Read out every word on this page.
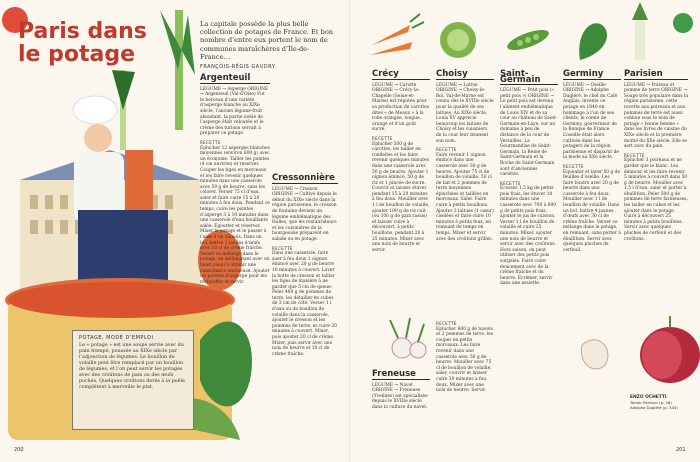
Paris dans le potage
La capitale possède la plus belle collection de potages de France. Et bon nombre d’entre eux portent le nom de communes maraîchères d’Île-de-France…
FRANÇOIS-RÉGIS GAUDRY
Argenteuil

LÉGUME → Asperge ORIGINE → Argenteuil (Val-d’Oise) Fut le berceau d’une variété d’asperge blanche au XIXe siècle, l’ancien légume-fruit abondant, la partie noble de l’asperge était veloutée et le crème des turions servait à préparer ce potage.

RECETTE

Éplucher 12 asperges blanches moyennes (environ 600 g) avec un économe. Tailler les pointes (4 cm environ) et réserver. Couper les tiges en morceaux et les faire revenir quelques minutes dans une casserole avec 50 g de beurre, sans les colorer. Verser 75 cl d’eau, saler et faire cuire 15 à 20 minutes à feu doux. Pendant ce temps, cuire les pointes d’asperge 3 à 10 minutes dans une casserole d’eau bouillante salée. Égoutter et réserver. Mixer le potage et le passer à l’aide d’un chinois. Dans un bol, battre 2 jaunes d’œufs avec 10 cl de crème fraîche. Verser ce mélange dans le potage, en mélangeant avec un fouet jusqu’à obtenir une consistance onctueuse. Ajouter les pointes d’asperge pour les réchauffer et servir.

Cressonnière

LÉGUME → Cresson ORIGINE → Cultivé depuis le début du XIXe siècle dans la région parisienne, le cresson de fontaine devient un légume emblématique des Halles, que les restaurateurs et les cuisinières de la bourgeoisie préparent en salade ou en potage.

RECETTE

Dans une casserole, faire suer à feu doux 1 oignon émincé avec 20 g de beurre 10 minutes à couvert. Laver la botte de cresson et tailler les tiges de manière à ne garder que 5 cm de queue. Peler 400 g de pommes de terre, les détailler en cubes de 3 cm de côté. Verser 1 l d’eau ou de bouillon de volaille dans la casserole, ajouter le cresson et les pommes de terre, et cuire 20 minutes à couvert. Mixer, puis ajouter 20 cl de crème. Mixer, puis servir avec une noix de beurre et 10 cl de crème fraîche.

POTAGE, MODE D’EMPLOI
Le « potage » est une soupe servie avec du pain trempé, poussée au XIXe siècle par l’adjonction de légumes. Le bouillon de volaille peut être remplacé par un bouillon de légumes, et l’on peut servir les potages avec des croûtons de pain ou des œufs pochés. Quelques croûtons dorés à la poêle complètent à merveille le plat.
200
Crécy

LÉGUME → Carotte ORIGINE → Crécy-la-Chapelle (Seine-et-Marne) est réputée pour sa production de carottes dites « de Meaux » à la robe orangée, longue, orangé et d’un goût sucré.

RECETTE

Éplucher 500 g de carottes, les tailler en rondelles et les faire revenir quelques minutes dans une casserole avec 50 g de beurre. Ajouter 1 oignon émincé, 50 g de riz et 1 pincée de sucre. Couvrir et laisser étuver pendant 15 à 20 minutes à feu doux. Mouiller avec 1 l de bouillon de volaille, ajouter 100 g de riz cuit (ou 100 g de pain rassis) et laisser cuire à découvert, à petits bouillons, pendant 20 à 25 minutes. Mixer avec une noix de beurre et servir.

Choisy

LÉGUME → Laitue ORIGINE → Choisy-le-Roi, Val-de-Marne est connu dès le XVIIIe siècle pour la qualité de ses laitues. Au XIXe siècle, Louis XV apprécie beaucoup les laitues de Choisy et les cuisiniers de la cour leur donnent son nom.

RECETTE

Faire revenir 1 oignon émincé dans une casserole avec 30 g de beurre. Ajouter 75 cl de bouillon de volaille, 50 cl de lait et 2 pommes de terre moyennes épluchées et taillées en morceaux. Saler. Faire cuire à petits bouillons. Ajouter 2 laitues (1 cœur) ciselées et faire cuire 10 minutes à petits feux, en remuant de temps en temps. Mixer et servir avec des croûtons grillés.

Saint-Germain

LÉGUME → Petit pois (« petit pois ») ORIGINE → Le petit pois est devenu l’aliment emblématique de Louis XIV et de sa cour au château de Saint-Germain-en-Laye, sur un domaine à peu de distance de la cour de Versailles. La Gourmandise de Saint-Germain, la Reine de Saint-Germain et la Roche de Saint-Germain sont d’anciennes variétés.

RECETTE

Écosser 1,5 kg de petits pois frais, les étuver 10 minutes dans une casserole avec 700 à 800 g de petits pois frais, ajouter le jus de cuisson. Verser 1 l de bouillon de volaille et cuire 25 minutes. Mixer, ajouter une noix de beurre et servir avec des croûtons. Hors saison, on peut utiliser des petits pois surgelés. Faire cuire doucement avec de la crème fraîche et du beurre. Écrémer, servir dans une assiette.

Germiny

LÉGUME → Oseille ORIGINE → Adolphe Dugléré, le chef du Café Anglais, invente ce potage en 1840 en hommage à l’un de ses clients, le comte de Germiny, gouverneur de la Banque de France. L’oseille était alors cultivée dans les potagers de la région parisienne et disparut de la mode au XXe siècle.

RECETTE

Équeuter et laver 50 g de feuilles d’oseille. Les faire fondre avec 20 g de beurre dans une casserole à feu doux. Mouiller avec 1 l de bouillon de volaille. Dans un bol, battre 4 jaunes d’œufs avec 30 cl de crème fraîche. Verser ce mélange dans le potage, en remuant, sans porter à ébullition. Servir avec quelques pluches de cerfeuil.

Parisien

LÉGUME → Poireau et pomme de terre ORIGINE → Soupe très populaire dans la région parisienne, cette recette aux poireaux et aux pommes de terre est aussi connue sous le nom de potage « bonne femme » dans les livres de cuisine du XIXe siècle et la première moitié du XXe siècle. Elle se sert avec du pain.

RECETTE

Éplucher 3 poireaux et ne garder que le blanc. Les émincer et les faire revenir 5 minutes à couvert dans 50 g de beurre. Mouiller avec 1,5 l d’eau, saler et porter à ébullition. Peler 500 g de pommes de terre farineuses, les tailler en cubes et les ajouter dans le potage. Cuire à découvert 25 minutes à petits bouillons. Servir avec quelques pluches de cerfeuil et des croûtons.

Freneuse

LÉGUME → Navet ORIGINE → Freneuse (Yvelines) est spécialisée depuis le XVIIIe siècle dans la culture du navet.

RECETTE

Éplucher 600 g de navets et 2 pommes de terre, les couper en petits morceaux. Les faire revenir dans une casserole avec 50 g de beurre. Mouiller avec 75 cl de bouillon de volaille, saler, couvrir et laisser cuire 30 minutes à feu doux. Mixer avec une noix de beurre. Servir.

ENZO OCHETTI
Terroir Parisien (p. 26)
Adolphe Dugléré (p. 345)
201
